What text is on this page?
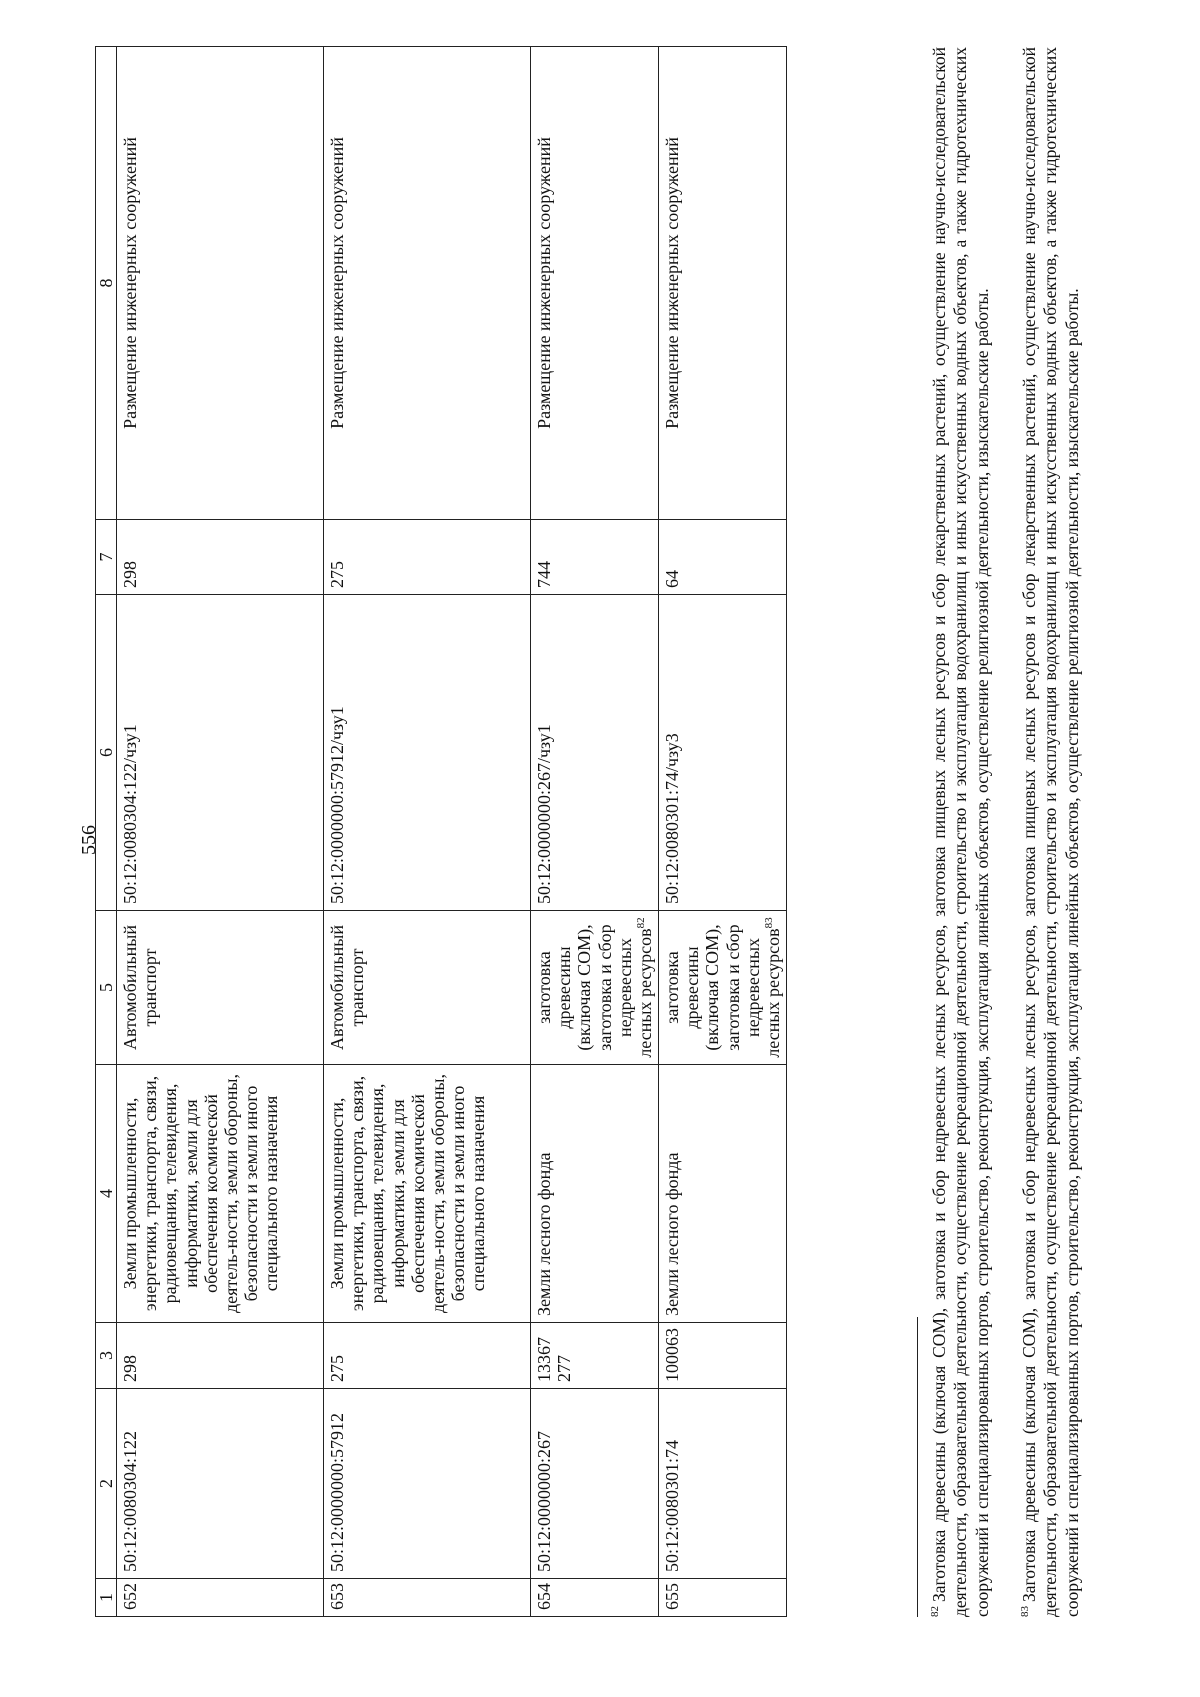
556
1	2	3	4	5	6	7	8
652	50:12:0080304:122	298	Земли промышленности, энергетики, транспорта, связи, радиовещания, телевидения, информатики, земли для обеспечения космической деятель-ности, земли обороны, безопасности и земли иного специального назначения	Автомобильный транспорт	50:12:0080304:122/чзу1	298	Размещение инженерных сооружений
653	50:12:0000000:57912	275	Земли промышленности, энергетики, транспорта, связи, радиовещания, телевидения, информатики, земли для обеспечения космической деятель-ности, земли обороны, безопасности и земли иного специального назначения	Автомобильный транспорт	50:12:0000000:57912/чзу1	275	Размещение инженерных сооружений
654	50:12:0000000:267	13367277	Земли лесного фонда	заготовка древесины (включая СОМ), заготовка и сбор недревесных лесных ресурсов$^{82}$	50:12:0000000:267/чзу1	744	Размещение инженерных сооружений
655	50:12:0080301:74	100063	Земли лесного фонда	заготовка древесины (включая СОМ), заготовка и сбор недревесных лесных ресурсов$^{83}$	50:12:0080301:74/чзу3	64	Размещение инженерных сооружений
$^{82}$Заготовка древесины (включая СОМ), заготовка и сбор недревесных лесных ресурсов, заготовка пищевых лесных ресурсов и сбор лекарственных растений, осуществление научно-исследовательской деятельности, образовательной деятельности, осуществление рекреационной деятельности, строительство и эксплуатация водохранилищ и иных искусственных водных объектов, а также гидротехнических сооружений и специализированных портов, строительство, реконструкция, эксплуатация линейных объектов, осуществление религиозной деятельности, изыскательские работы.	$^{83}$Заготовка древесины (включая СОМ), заготовка и сбор недревесных лесных ресурсов, заготовка пищевых лесных ресурсов и сбор лекарственных растений, осуществление научно-исследовательской деятельности, образовательной деятельности, осуществление рекреационной деятельности, строительство и эксплуатация водохранилищ и иных искусственных водных объектов, а также гидротехнических сооружений и специализированных портов, строительство, реконструкция, эксплуатация линейных объектов, осуществление религиозной деятельности, изыскательские работы.
